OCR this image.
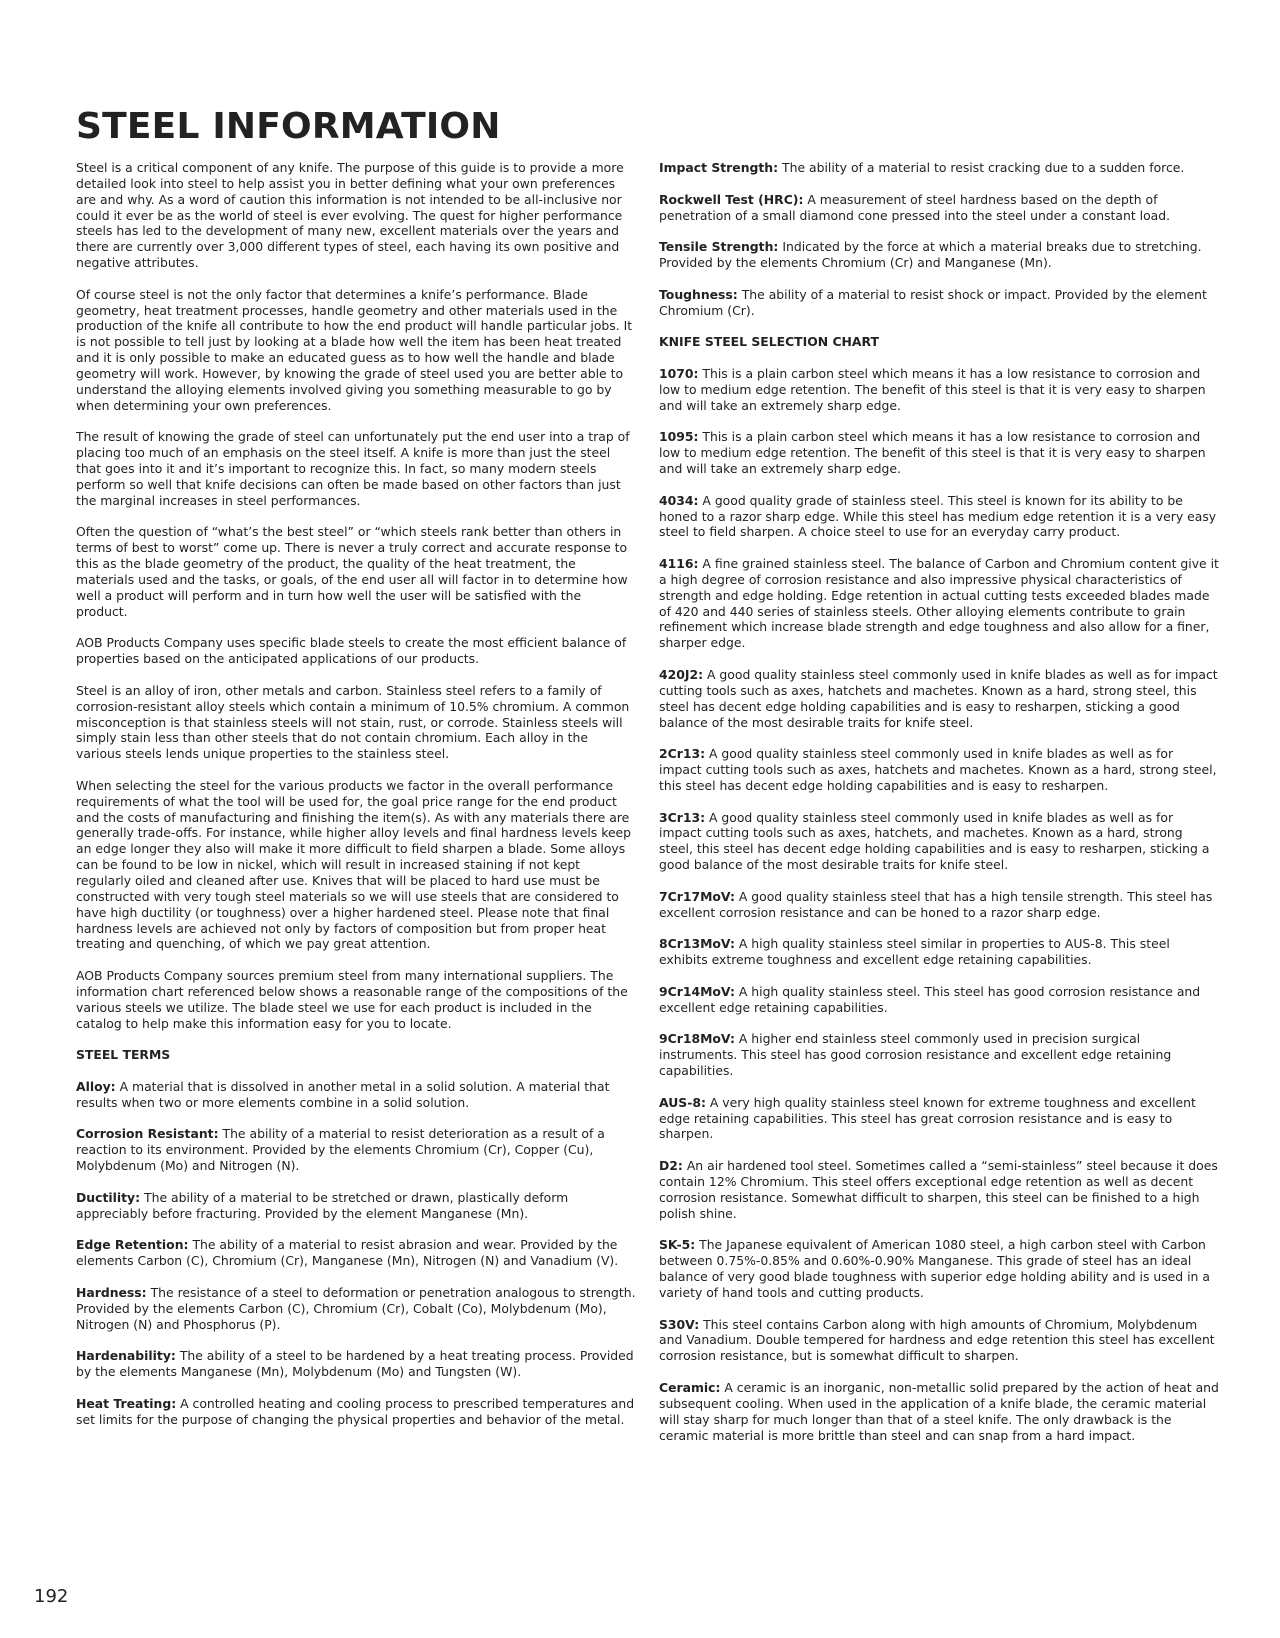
STEEL INFORMATION

Steel is a critical component of any knife. The purpose of this guide is to provide a more detailed look into steel to help assist you in better defining what your own preferences are and why. As a word of caution this information is not intended to be all-inclusive nor could it ever be as the world of steel is ever evolving. The quest for higher performance steels has led to the development of many new, excellent materials over the years and there are currently over 3,000 different types of steel, each having its own positive and negative attributes.

Of course steel is not the only factor that determines a knife’s performance. Blade geometry, heat treatment processes, handle geometry and other materials used in the production of the knife all contribute to how the end product will handle particular jobs. It is not possible to tell just by looking at a blade how well the item has been heat treated and it is only possible to make an educated guess as to how well the handle and blade geometry will work. However, by knowing the grade of steel used you are better able to understand the alloying elements involved giving you something measurable to go by when determining your own preferences.

The result of knowing the grade of steel can unfortunately put the end user into a trap of placing too much of an emphasis on the steel itself. A knife is more than just the steel that goes into it and it’s important to recognize this. In fact, so many modern steels perform so well that knife decisions can often be made based on other factors than just the marginal increases in steel performances.

Often the question of “what’s the best steel” or “which steels rank better than others in terms of best to worst” come up. There is never a truly correct and accurate response to this as the blade geometry of the product, the quality of the heat treatment, the materials used and the tasks, or goals, of the end user all will factor in to determine how well a product will perform and in turn how well the user will be satisfied with the product.

AOB Products Company uses specific blade steels to create the most efficient balance of properties based on the anticipated applications of our products.

Steel is an alloy of iron, other metals and carbon. Stainless steel refers to a family of corrosion-resistant alloy steels which contain a minimum of 10.5% chromium. A common misconception is that stainless steels will not stain, rust, or corrode. Stainless steels will simply stain less than other steels that do not contain chromium. Each alloy in the various steels lends unique properties to the stainless steel.

When selecting the steel for the various products we factor in the overall performance requirements of what the tool will be used for, the goal price range for the end product and the costs of manufacturing and finishing the item(s). As with any materials there are generally trade-offs. For instance, while higher alloy levels and final hardness levels keep an edge longer they also will make it more difficult to field sharpen a blade. Some alloys can be found to be low in nickel, which will result in increased staining if not kept regularly oiled and cleaned after use. Knives that will be placed to hard use must be constructed with very tough steel materials so we will use steels that are considered to have high ductility (or toughness) over a higher hardened steel. Please note that final hardness levels are achieved not only by factors of composition but from proper heat treating and quenching, of which we pay great attention.

AOB Products Company sources premium steel from many international suppliers. The information chart referenced below shows a reasonable range of the compositions of the various steels we utilize. The blade steel we use for each product is included in the catalog to help make this information easy for you to locate.

STEEL TERMS

Alloy: A material that is dissolved in another metal in a solid solution. A material that results when two or more elements combine in a solid solution.

Corrosion Resistant: The ability of a material to resist deterioration as a result of a reaction to its environment. Provided by the elements Chromium (Cr), Copper (Cu), Molybdenum (Mo) and Nitrogen (N).

Ductility: The ability of a material to be stretched or drawn, plastically deform appreciably before fracturing. Provided by the element Manganese (Mn).

Edge Retention: The ability of a material to resist abrasion and wear. Provided by the elements Carbon (C), Chromium (Cr), Manganese (Mn), Nitrogen (N) and Vanadium (V).

Hardness: The resistance of a steel to deformation or penetration analogous to strength. Provided by the elements Carbon (C), Chromium (Cr), Cobalt (Co), Molybdenum (Mo), Nitrogen (N) and Phosphorus (P).

Hardenability: The ability of a steel to be hardened by a heat treating process. Provided by the elements Manganese (Mn), Molybdenum (Mo) and Tungsten (W).

Heat Treating: A controlled heating and cooling process to prescribed temperatures and set limits for the purpose of changing the physical properties and behavior of the metal.

Impact Strength: The ability of a material to resist cracking due to a sudden force.

Rockwell Test (HRC): A measurement of steel hardness based on the depth of penetration of a small diamond cone pressed into the steel under a constant load.

Tensile Strength: Indicated by the force at which a material breaks due to stretching. Provided by the elements Chromium (Cr) and Manganese (Mn).

Toughness: The ability of a material to resist shock or impact. Provided by the element Chromium (Cr).

KNIFE STEEL SELECTION CHART

1070: This is a plain carbon steel which means it has a low resistance to corrosion and low to medium edge retention. The benefit of this steel is that it is very easy to sharpen and will take an extremely sharp edge.

1095: This is a plain carbon steel which means it has a low resistance to corrosion and low to medium edge retention. The benefit of this steel is that it is very easy to sharpen and will take an extremely sharp edge.

4034: A good quality grade of stainless steel. This steel is known for its ability to be honed to a razor sharp edge. While this steel has medium edge retention it is a very easy steel to field sharpen. A choice steel to use for an everyday carry product.

4116: A fine grained stainless steel. The balance of Carbon and Chromium content give it a high degree of corrosion resistance and also impressive physical characteristics of strength and edge holding. Edge retention in actual cutting tests exceeded blades made of 420 and 440 series of stainless steels. Other alloying elements contribute to grain refinement which increase blade strength and edge toughness and also allow for a finer, sharper edge.

420J2: A good quality stainless steel commonly used in knife blades as well as for impact cutting tools such as axes, hatchets and machetes. Known as a hard, strong steel, this steel has decent edge holding capabilities and is easy to resharpen, sticking a good balance of the most desirable traits for knife steel.

2Cr13: A good quality stainless steel commonly used in knife blades as well as for impact cutting tools such as axes, hatchets and machetes. Known as a hard, strong steel, this steel has decent edge holding capabilities and is easy to resharpen.

3Cr13: A good quality stainless steel commonly used in knife blades as well as for impact cutting tools such as axes, hatchets, and machetes. Known as a hard, strong steel, this steel has decent edge holding capabilities and is easy to resharpen, sticking a good balance of the most desirable traits for knife steel.

7Cr17MoV: A good quality stainless steel that has a high tensile strength. This steel has excellent corrosion resistance and can be honed to a razor sharp edge.

8Cr13MoV: A high quality stainless steel similar in properties to AUS-8. This steel exhibits extreme toughness and excellent edge retaining capabilities.

9Cr14MoV: A high quality stainless steel. This steel has good corrosion resistance and excellent edge retaining capabilities.

9Cr18MoV: A higher end stainless steel commonly used in precision surgical instruments. This steel has good corrosion resistance and excellent edge retaining capabilities.

AUS-8: A very high quality stainless steel known for extreme toughness and excellent edge retaining capabilities. This steel has great corrosion resistance and is easy to sharpen.

D2: An air hardened tool steel. Sometimes called a “semi-stainless” steel because it does contain 12% Chromium. This steel offers exceptional edge retention as well as decent corrosion resistance. Somewhat difficult to sharpen, this steel can be finished to a high polish shine.

SK-5: The Japanese equivalent of American 1080 steel, a high carbon steel with Carbon between 0.75%-0.85% and 0.60%-0.90% Manganese. This grade of steel has an ideal balance of very good blade toughness with superior edge holding ability and is used in a variety of hand tools and cutting products.

S30V: This steel contains Carbon along with high amounts of Chromium, Molybdenum and Vanadium. Double tempered for hardness and edge retention this steel has excellent corrosion resistance, but is somewhat difficult to sharpen.

Ceramic: A ceramic is an inorganic, non-metallic solid prepared by the action of heat and subsequent cooling. When used in the application of a knife blade, the ceramic material will stay sharp for much longer than that of a steel knife. The only drawback is the ceramic material is more brittle than steel and can snap from a hard impact.

192
